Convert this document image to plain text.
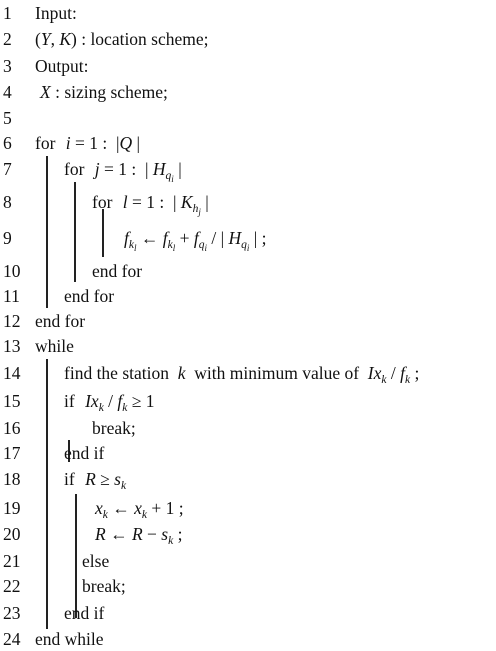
1	Input:
2	(Y, K) : location scheme;
3	Output:
4	X : sizing scheme;
5
6	for i = 1 :  |Q |
7	for j = 1 :  | $H_{q_i}$ |
8	for l = 1 :  | $K_{h_j}$ |
9	$f_{k_l}$ ← $f_{k_l} + f_{q_i}$ / | $H_{q_i}$ | ;
10	end for
11	end for
12 end for
13 while
14	find the station  k  with minimum value of  $Ix_k / f_k$ ;
15	if $Ix_k / f_k \ge 1$
16	break;
17	end if
18	if $R \ge s_k$
19	$x_k$ ← $x_k + 1$ ;
20	R ← $R - s_k$ ;
21	else
22	break;
23	end if
24 end while
